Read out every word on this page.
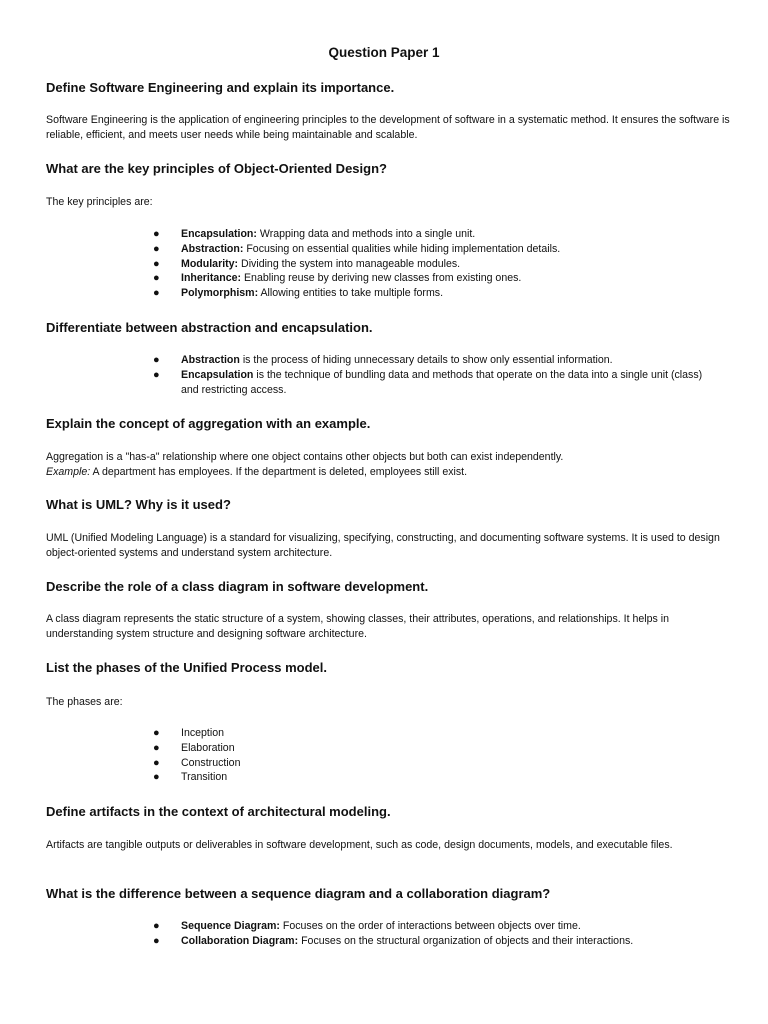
Question Paper 1
Define Software Engineering and explain its importance.
Software Engineering is the application of engineering principles to the development of software in a systematic method. It ensures the software is reliable, efficient, and meets user needs while being maintainable and scalable.
What are the key principles of Object-Oriented Design?
The key principles are:
● Encapsulation: Wrapping data and methods into a single unit.
● Abstraction: Focusing on essential qualities while hiding implementation details.
● Modularity: Dividing the system into manageable modules.
● Inheritance: Enabling reuse by deriving new classes from existing ones.
● Polymorphism: Allowing entities to take multiple forms.
Differentiate between abstraction and encapsulation.
● Abstraction is the process of hiding unnecessary details to show only essential information.
● Encapsulation is the technique of bundling data and methods that operate on the data into a single unit (class) and restricting access.
Explain the concept of aggregation with an example.
Aggregation is a "has-a" relationship where one object contains other objects but both can exist independently.
Example: A department has employees. If the department is deleted, employees still exist.
What is UML? Why is it used?
UML (Unified Modeling Language) is a standard for visualizing, specifying, constructing, and documenting software systems. It is used to design object-oriented systems and understand system architecture.
Describe the role of a class diagram in software development.
A class diagram represents the static structure of a system, showing classes, their attributes, operations, and relationships. It helps in understanding system structure and designing software architecture.
List the phases of the Unified Process model.
The phases are:
● Inception
● Elaboration
● Construction
● Transition
Define artifacts in the context of architectural modeling.
Artifacts are tangible outputs or deliverables in software development, such as code, design documents, models, and executable files.
What is the difference between a sequence diagram and a collaboration diagram?
● Sequence Diagram: Focuses on the order of interactions between objects over time.
● Collaboration Diagram: Focuses on the structural organization of objects and their interactions.
